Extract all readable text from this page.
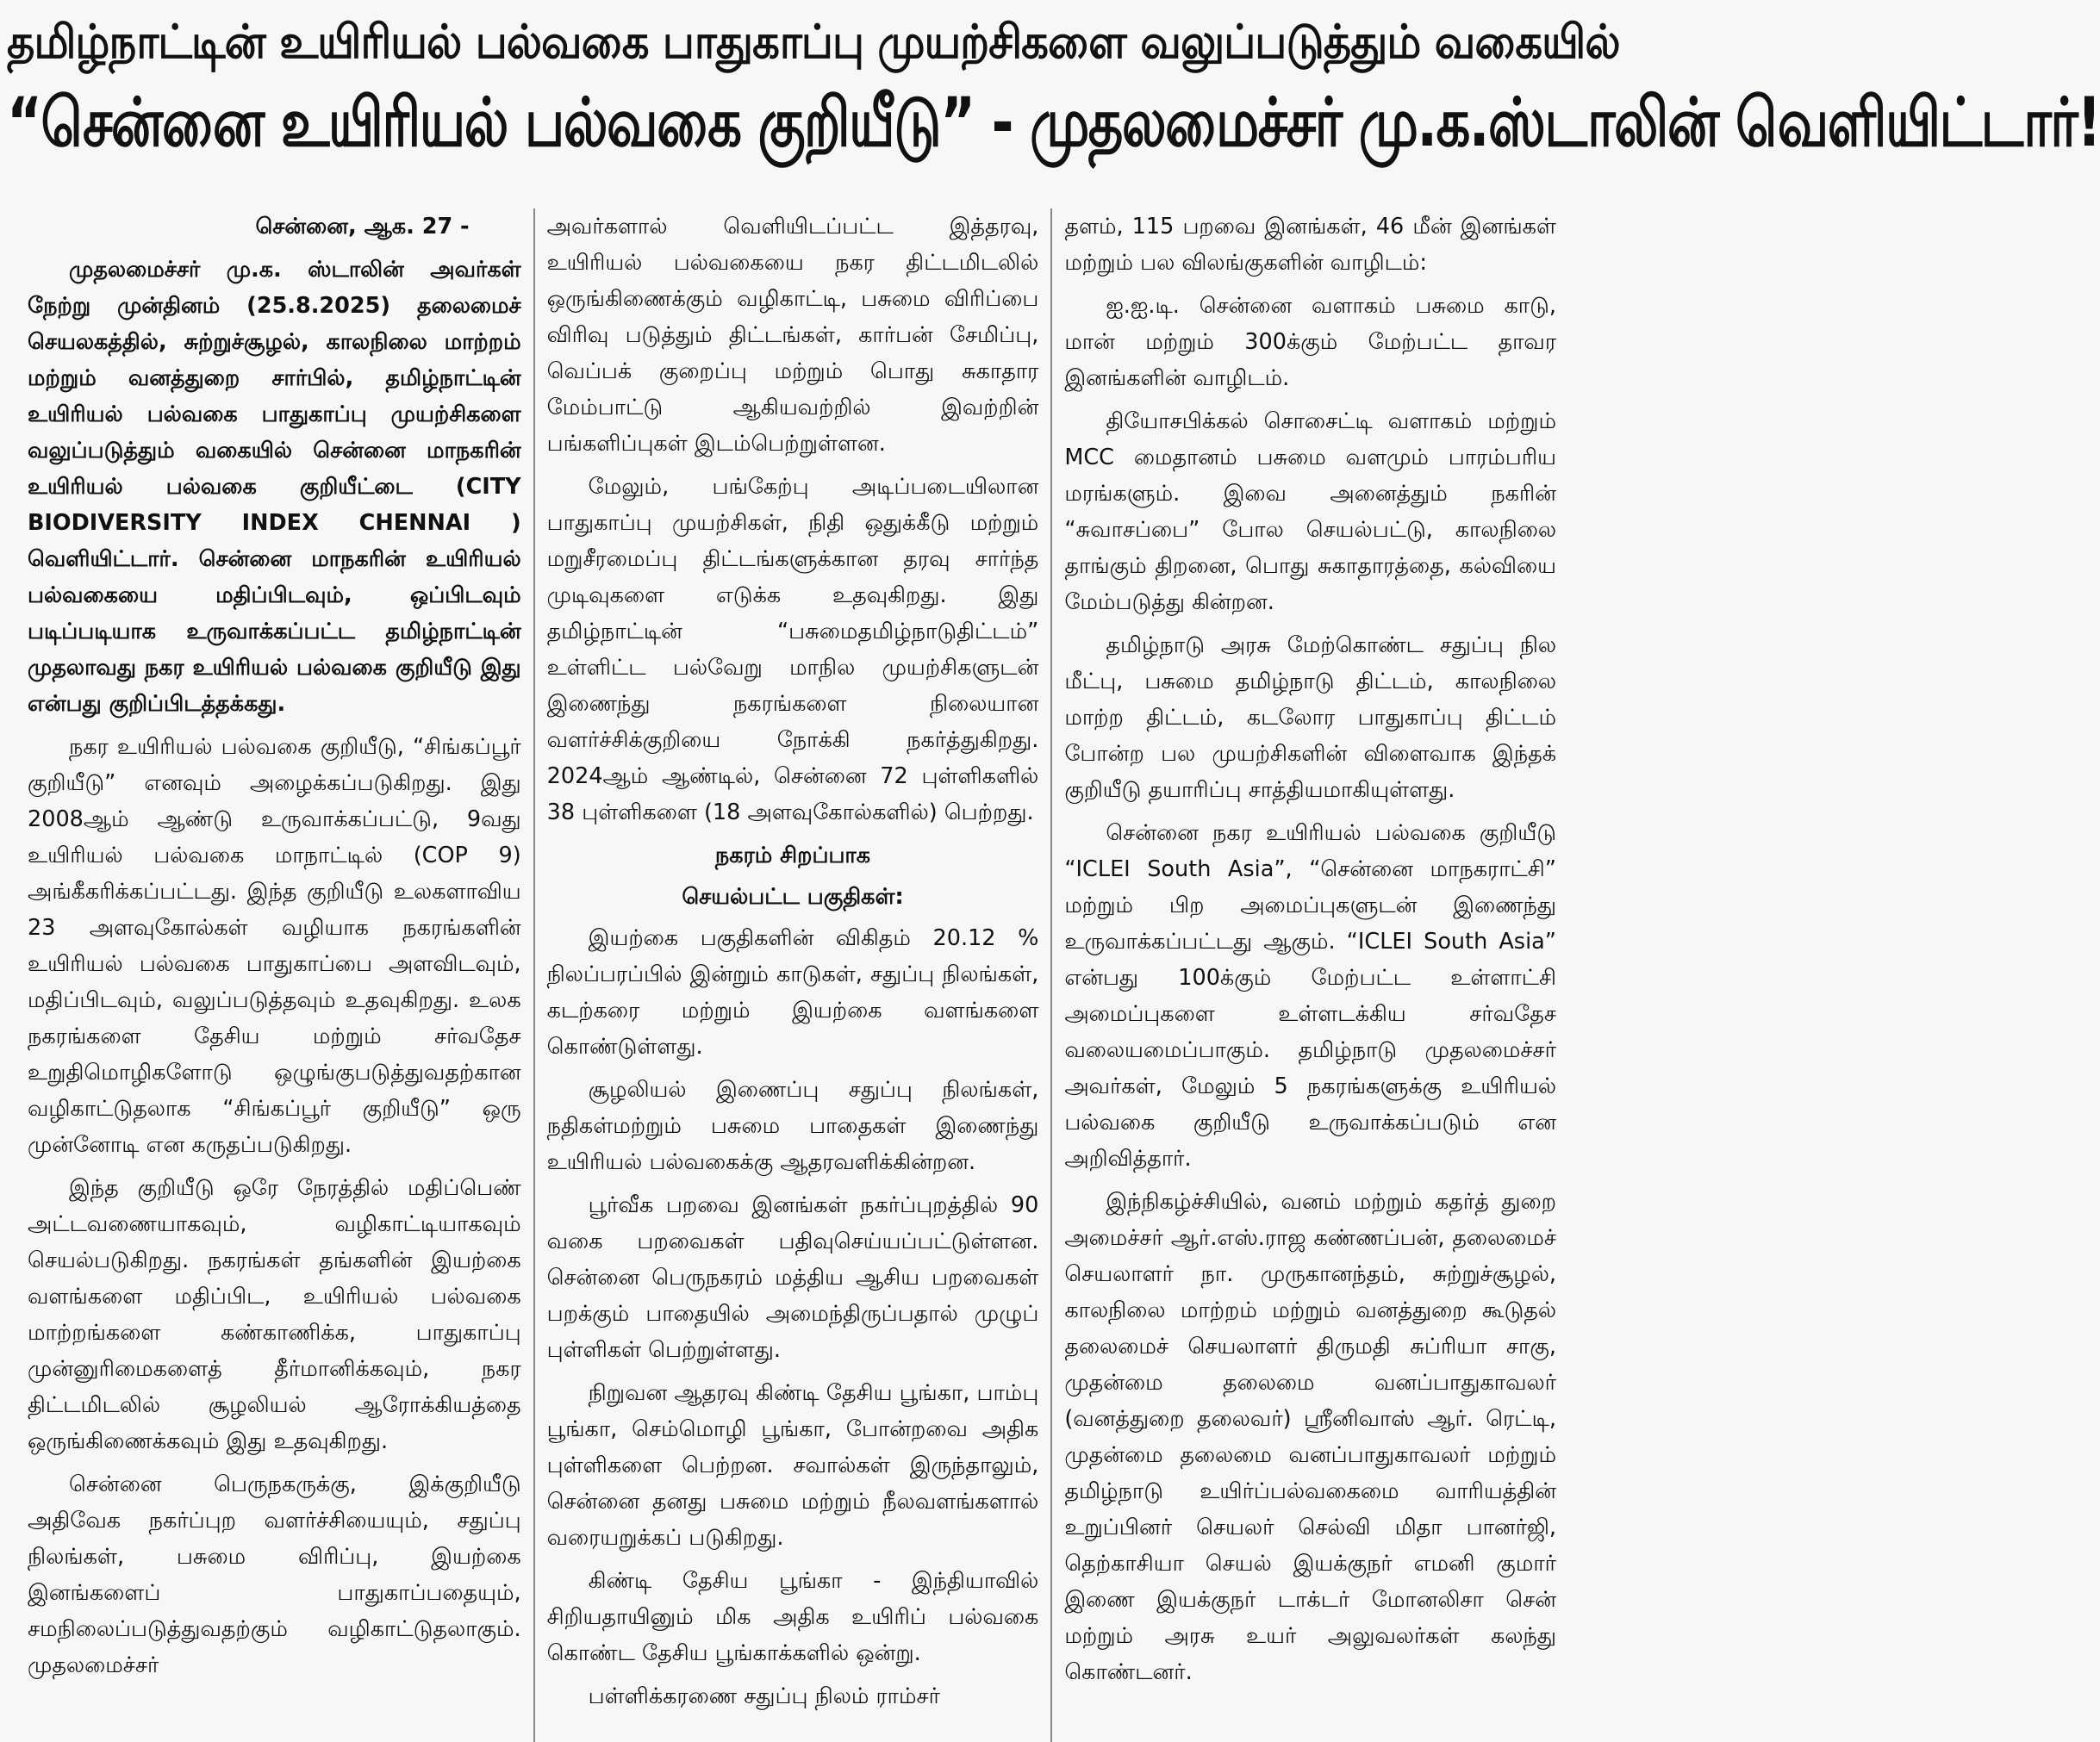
தமிழ்நாட்டின் உயிரியல் பல்வகை பாதுகாப்பு முயற்சிகளை வலுப்படுத்தும் வகையில்
“சென்னை உயிரியல் பல்வகை குறியீடு” - முதலமைச்சர் மு.க.ஸ்டாலின் வெளியிட்டார்!

சென்னை, ஆக. 27 -

முதலமைச்சர் மு.க. ஸ்டாலின் அவர்கள் நேற்று முன்தினம் (25.8.2025) தலைமைச் செயலகத்தில், சுற்றுச்சூழல், காலநிலை மாற்றம் மற்றும் வனத்துறை சார்பில், தமிழ்நாட்டின் உயிரியல் பல்வகை பாதுகாப்பு முயற்சிகளை வலுப்படுத்தும் வகையில் சென்னை மாநகரின் உயிரியல் பல்வகை குறியீட்டை (CITY BIODIVERSITY INDEX CHENNAI ) வெளியிட்டார். சென்னை மாநகரின் உயிரியல் பல்வகையை மதிப்பிடவும், ஒப்பிடவும் படிப்படியாக உருவாக்கப்பட்ட தமிழ்நாட்டின் முதலாவது நகர உயிரியல் பல்வகை குறியீடு இது என்பது குறிப்பிடத்தக்கது.

நகர உயிரியல் பல்வகை குறியீடு, “சிங்கப்பூர் குறியீடு” எனவும் அழைக்கப்படுகிறது. இது 2008ஆம் ஆண்டு உருவாக்கப்பட்டு, 9வது உயிரியல் பல்வகை மாநாட்டில் (COP 9) அங்கீகரிக்கப்பட்டது. இந்த குறியீடு உலகளாவிய 23 அளவுகோல்கள் வழியாக நகரங்களின் உயிரியல் பல்வகை பாதுகாப்பை அளவிடவும், மதிப்பிடவும், வலுப்படுத்தவும் உதவுகிறது. உலக நகரங்களை தேசிய மற்றும் சர்வதேச உறுதிமொழிகளோடு ஒழுங்குபடுத்துவதற்கான வழிகாட்டுதலாக “சிங்கப்பூர் குறியீடு” ஒரு முன்னோடி என கருதப்படுகிறது.

இந்த குறியீடு ஒரே நேரத்தில் மதிப்பெண் அட்டவணையாகவும், வழிகாட்டியாகவும் செயல்படுகிறது. நகரங்கள் தங்களின் இயற்கை வளங்களை மதிப்பிட, உயிரியல் பல்வகை மாற்றங்களை கண்காணிக்க, பாதுகாப்பு முன்னுரிமைகளைத் தீர்மானிக்கவும், நகர திட்டமிடலில் சூழலியல் ஆரோக்கியத்தை ஒருங்கிணைக்கவும் இது உதவுகிறது.

சென்னை பெருநகருக்கு, இக்குறியீடு அதிவேக நகர்ப்புற வளர்ச்சியையும், சதுப்பு நிலங்கள், பசுமை விரிப்பு, இயற்கை இனங்களைப் பாதுகாப்பதையும், சமநிலைப்படுத்துவதற்கும் வழிகாட்டுதலாகும். முதலமைச்சர்

அவர்களால் வெளியிடப்பட்ட இத்தரவு, உயிரியல் பல்வகையை நகர திட்டமிடலில் ஒருங்கிணைக்கும் வழிகாட்டி, பசுமை விரிப்பை விரிவு படுத்தும் திட்டங்கள், கார்பன் சேமிப்பு, வெப்பக் குறைப்பு மற்றும் பொது சுகாதார மேம்பாட்டு ஆகியவற்றில் இவற்றின் பங்களிப்புகள் இடம்பெற்றுள்ளன.

மேலும், பங்கேற்பு அடிப்படையிலான பாதுகாப்பு முயற்சிகள், நிதி ஒதுக்கீடு மற்றும் மறுசீரமைப்பு திட்டங்களுக்கான தரவு சார்ந்த முடிவுகளை எடுக்க உதவுகிறது. இது தமிழ்நாட்டின் “பசுமைதமிழ்நாடுதிட்டம்” உள்ளிட்ட பல்வேறு மாநில முயற்சிகளுடன் இணைந்து நகரங்களை நிலையான வளர்ச்சிக்குறியை நோக்கி நகர்த்துகிறது. 2024ஆம் ஆண்டில், சென்னை 72 புள்ளிகளில் 38 புள்ளிகளை (18 அளவுகோல்களில்) பெற்றது.

நகரம் சிறப்பாக

செயல்பட்ட பகுதிகள்:

இயற்கை பகுதிகளின் விகிதம் 20.12 % நிலப்பரப்பில் இன்றும் காடுகள், சதுப்பு நிலங்கள், கடற்கரை மற்றும் இயற்கை வளங்களை கொண்டுள்ளது.

சூழலியல் இணைப்பு சதுப்பு நிலங்கள், நதிகள்மற்றும் பசுமை பாதைகள் இணைந்து உயிரியல் பல்வகைக்கு ஆதரவளிக்கின்றன.

பூர்வீக பறவை இனங்கள் நகர்ப்புறத்தில் 90 வகை பறவைகள் பதிவுசெய்யப்பட்டுள்ளன. சென்னை பெருநகரம் மத்திய ஆசிய பறவைகள் பறக்கும் பாதையில் அமைந்திருப்பதால் முழுப் புள்ளிகள் பெற்றுள்ளது.

நிறுவன ஆதரவு கிண்டி தேசிய பூங்கா, பாம்பு பூங்கா, செம்மொழி பூங்கா, போன்றவை அதிக புள்ளிகளை பெற்றன. சவால்கள் இருந்தாலும், சென்னை தனது பசுமை மற்றும் நீலவளங்களால் வரையறுக்கப் படுகிறது.

கிண்டி தேசிய பூங்கா - இந்தியாவில் சிறியதாயினும் மிக அதிக உயிரிப் பல்வகை கொண்ட தேசிய பூங்காக்களில் ஒன்று.

பள்ளிக்கரணை சதுப்பு நிலம் ராம்சர்

தளம், 115 பறவை இனங்கள், 46 மீன் இனங்கள் மற்றும் பல விலங்குகளின் வாழிடம்:

ஐ.ஐ.டி. சென்னை வளாகம் பசுமை காடு, மான் மற்றும் 300க்கும் மேற்பட்ட தாவர இனங்களின் வாழிடம்.

தியோசபிக்கல் சொசைட்டி வளாகம் மற்றும் MCC மைதானம் பசுமை வளமும் பாரம்பரிய மரங்களும். இவை அனைத்தும் நகரின் “சுவாசப்பை” போல செயல்பட்டு, காலநிலை தாங்கும் திறனை, பொது சுகாதாரத்தை, கல்வியை மேம்படுத்து கின்றன.

தமிழ்நாடு அரசு மேற்கொண்ட சதுப்பு நில மீட்பு, பசுமை தமிழ்நாடு திட்டம், காலநிலை மாற்ற திட்டம், கடலோர பாதுகாப்பு திட்டம் போன்ற பல முயற்சிகளின் விளைவாக இந்தக் குறியீடு தயாரிப்பு சாத்தியமாகியுள்ளது.

சென்னை நகர உயிரியல் பல்வகை குறியீடு “ICLEI South Asia”, “சென்னை மாநகராட்சி” மற்றும் பிற அமைப்புகளுடன் இணைந்து உருவாக்கப்பட்டது ஆகும். “ICLEI South Asia” என்பது 100க்கும் மேற்பட்ட உள்ளாட்சி அமைப்புகளை உள்ளடக்கிய சர்வதேச வலையமைப்பாகும். தமிழ்நாடு முதலமைச்சர் அவர்கள், மேலும் 5 நகரங்களுக்கு உயிரியல் பல்வகை குறியீடு உருவாக்கப்படும் என அறிவித்தார்.

இந்நிகழ்ச்சியில், வனம் மற்றும் கதர்த் துறை அமைச்சர் ஆர்.எஸ்.ராஜ கண்ணப்பன், தலைமைச் செயலாளர் நா. முருகானந்தம், சுற்றுச்சூழல், காலநிலை மாற்றம் மற்றும் வனத்துறை கூடுதல் தலைமைச் செயலாளர் திருமதி சுப்ரியா சாகு, முதன்மை தலைமை வனப்பாதுகாவலர் (வனத்துறை தலைவர்) ஸ்ரீனிவாஸ் ஆர். ரெட்டி, முதன்மை தலைமை வனப்பாதுகாவலர் மற்றும் தமிழ்நாடு உயிர்ப்பல்வகைமை வாரியத்தின் உறுப்பினர் செயலர் செல்வி மிதா பானர்ஜி, தெற்காசியா செயல் இயக்குநர் எமனி குமார் இணை இயக்குநர் டாக்டர் மோனலிசா சென் மற்றும் அரசு உயர் அலுவலர்கள் கலந்து கொண்டனர்.
